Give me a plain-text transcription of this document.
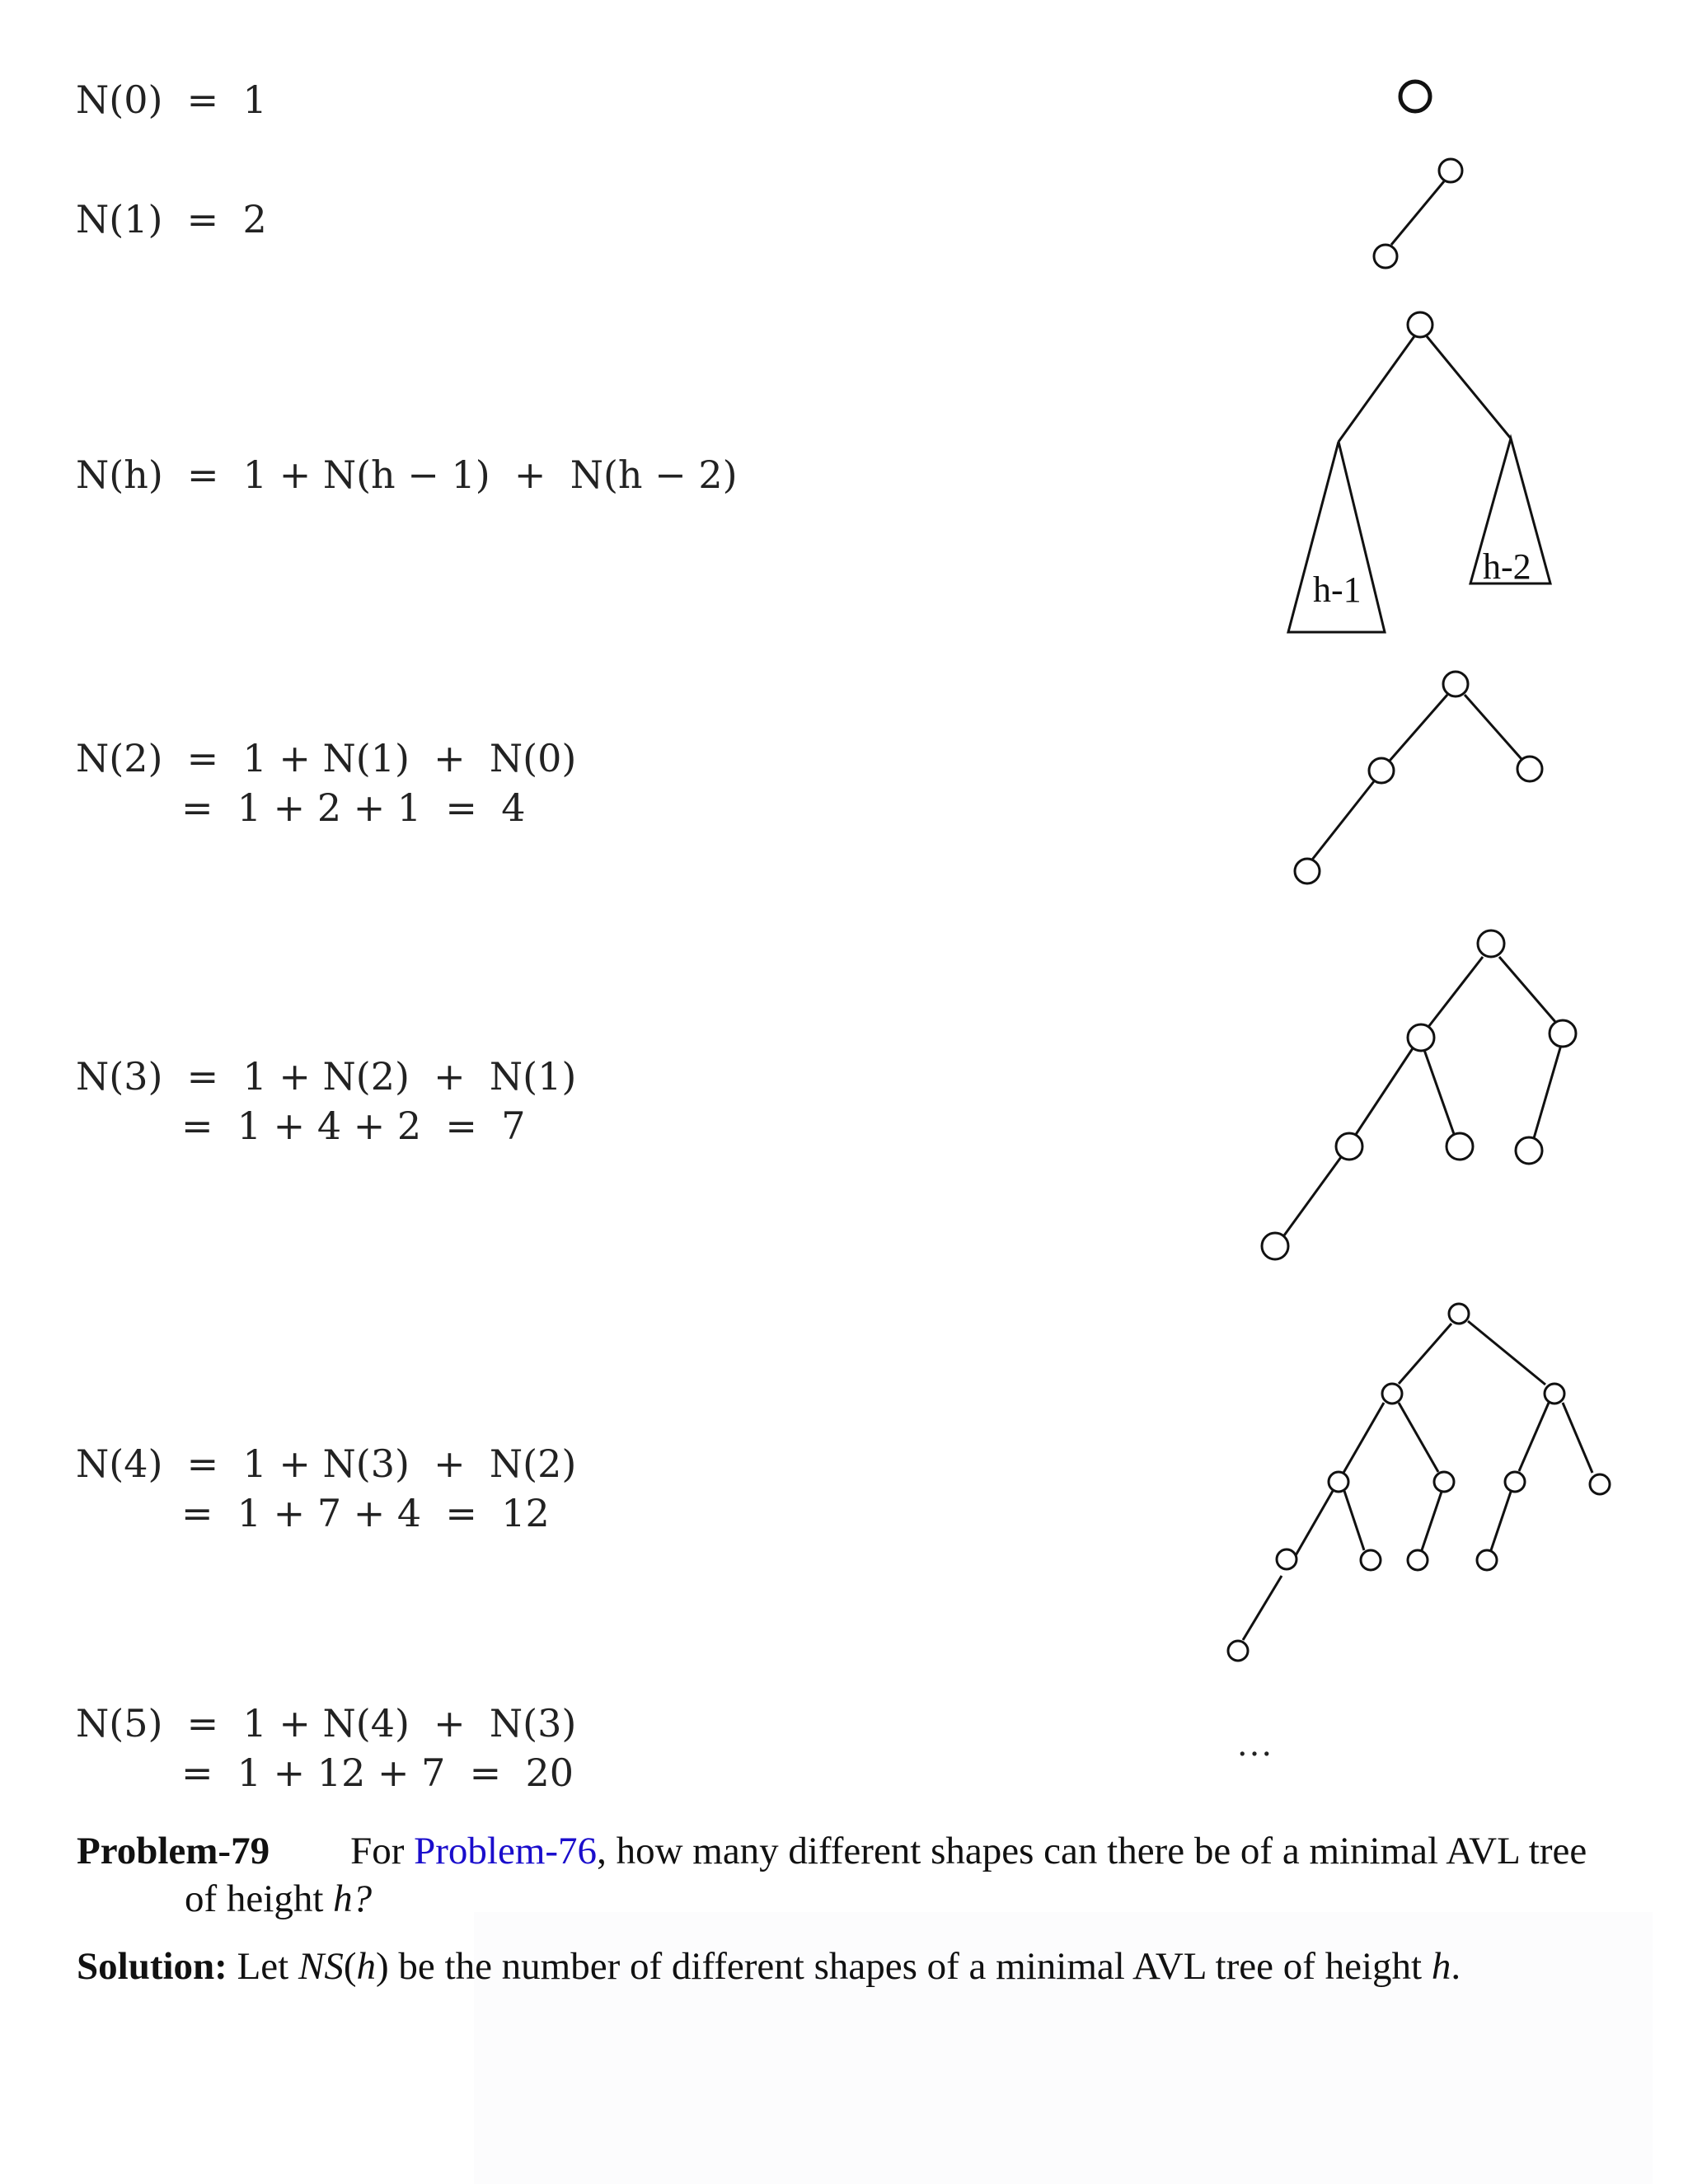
N(0)  =  1
N(1)  =  2
N(h)  =  1 + N(h − 1)  +  N(h − 2)
N(2)  =  1 + N(1)  +  N(0)
=  1 + 2 + 1  =  4
N(3)  =  1 + N(2)  +  N(1)
=  1 + 4 + 2  =  7
N(4)  =  1 + N(3)  +  N(2)
=  1 + 7 + 4  =  12
N(5)  =  1 + N(4)  +  N(3)
=  1 + 12 + 7  =  20
h-1
h-2
…
Problem-79 For Problem-76, how many different shapes can there be of a minimal AVL tree
of height h?
Solution: Let NS(h) be the number of different shapes of a minimal AVL tree of height h.
